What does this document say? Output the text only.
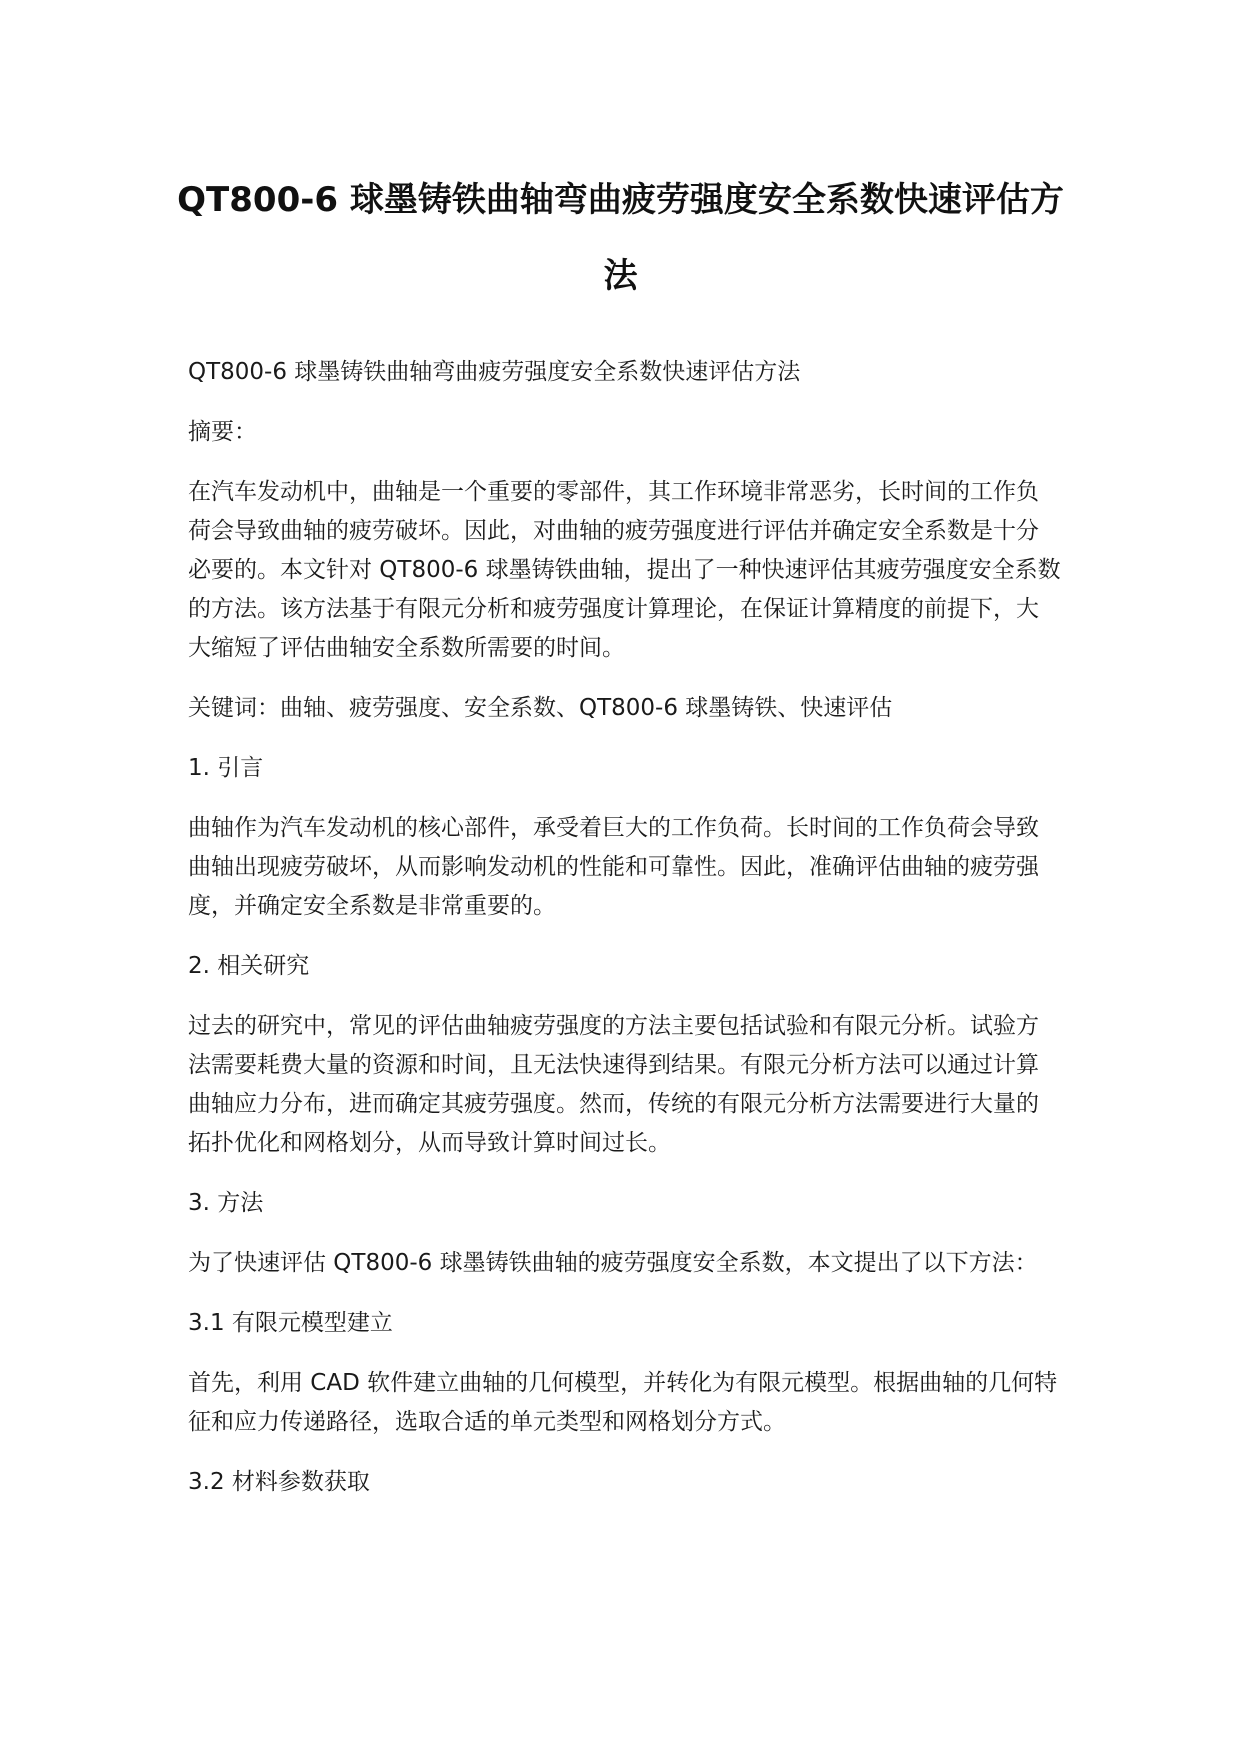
QT800-6 球墨铸铁曲轴弯曲疲劳强度安全系数快速评估方
法
QT800-6 球墨铸铁曲轴弯曲疲劳强度安全系数快速评估方法
摘要：
在汽车发动机中，曲轴是一个重要的零部件，其工作环境非常恶劣，长时间的工作负
荷会导致曲轴的疲劳破坏。因此，对曲轴的疲劳强度进行评估并确定安全系数是十分
必要的。本文针对 QT800-6 球墨铸铁曲轴，提出了一种快速评估其疲劳强度安全系数
的方法。该方法基于有限元分析和疲劳强度计算理论，在保证计算精度的前提下，大
大缩短了评估曲轴安全系数所需要的时间。
关键词：曲轴、疲劳强度、安全系数、QT800-6 球墨铸铁、快速评估
1. 引言
曲轴作为汽车发动机的核心部件，承受着巨大的工作负荷。长时间的工作负荷会导致
曲轴出现疲劳破坏，从而影响发动机的性能和可靠性。因此，准确评估曲轴的疲劳强
度，并确定安全系数是非常重要的。
2. 相关研究
过去的研究中，常见的评估曲轴疲劳强度的方法主要包括试验和有限元分析。试验方
法需要耗费大量的资源和时间，且无法快速得到结果。有限元分析方法可以通过计算
曲轴应力分布，进而确定其疲劳强度。然而，传统的有限元分析方法需要进行大量的
拓扑优化和网格划分，从而导致计算时间过长。
3. 方法
为了快速评估 QT800-6 球墨铸铁曲轴的疲劳强度安全系数，本文提出了以下方法：
3.1 有限元模型建立
首先，利用 CAD 软件建立曲轴的几何模型，并转化为有限元模型。根据曲轴的几何特
征和应力传递路径，选取合适的单元类型和网格划分方式。
3.2 材料参数获取
